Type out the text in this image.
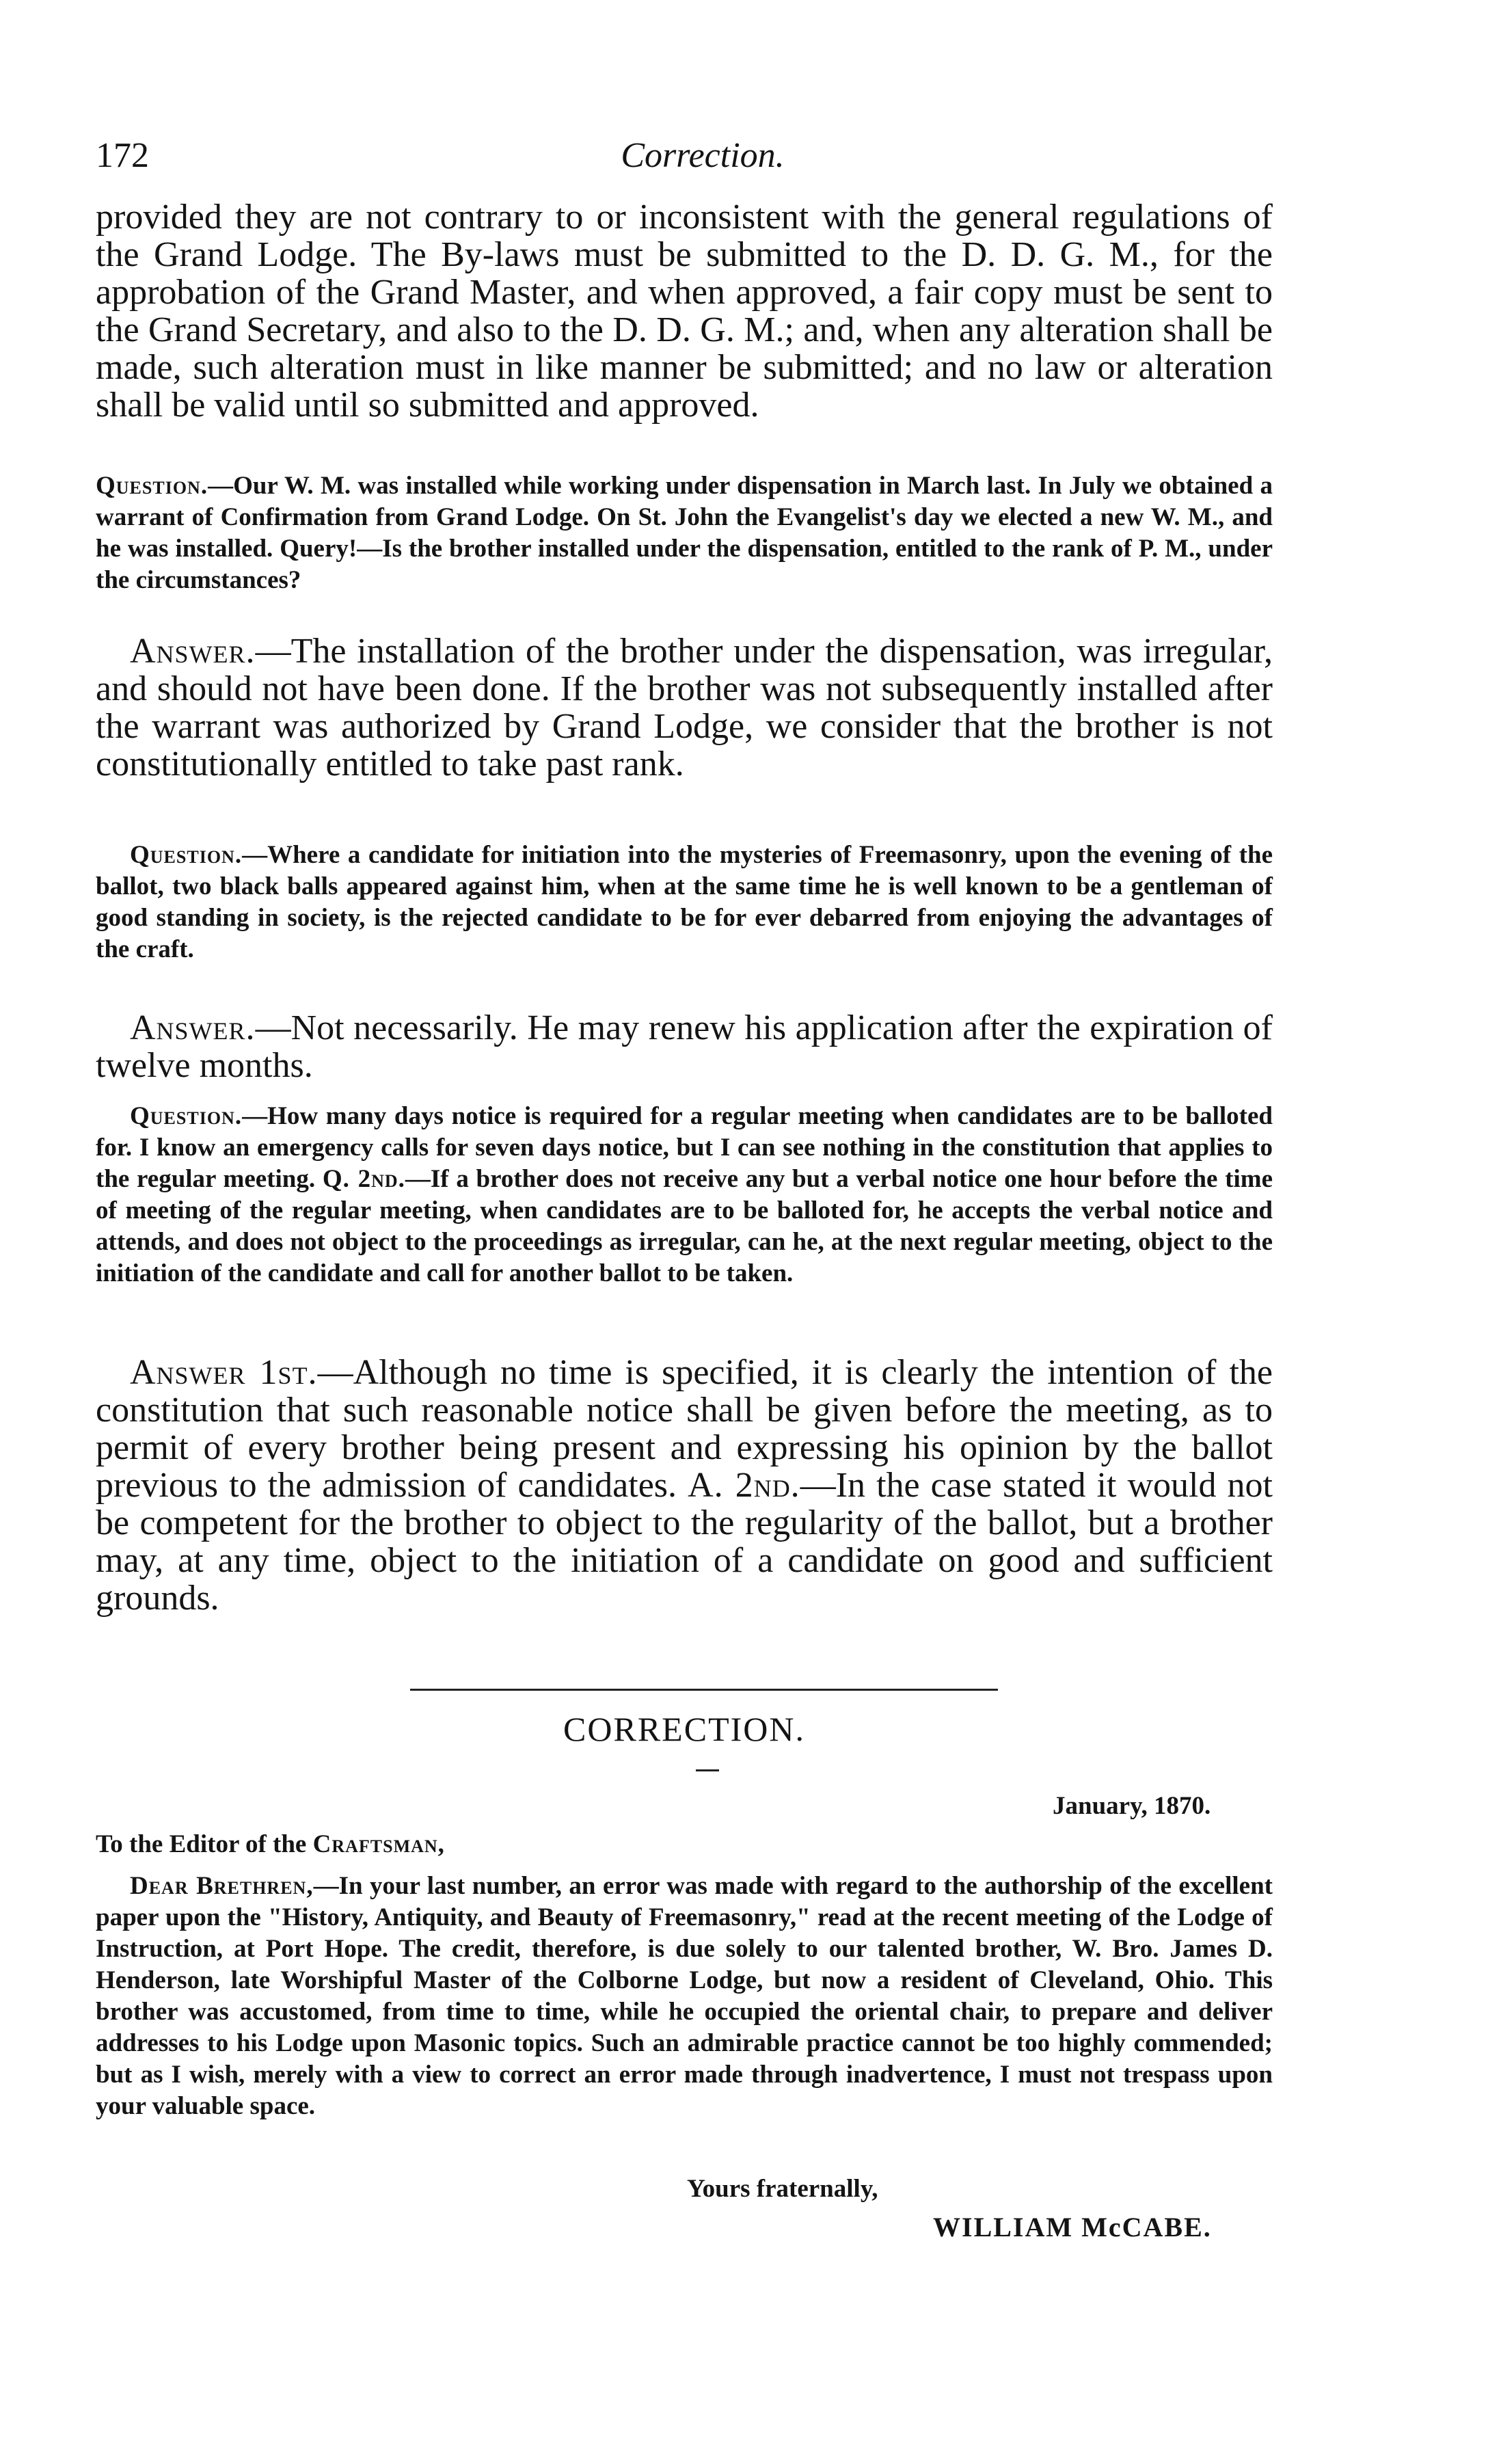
172	Correction.

provided they are not contrary to or inconsistent with the general regulations of the Grand Lodge. The By-laws must be submitted to the D. D. G. M., for the approbation of the Grand Master, and when approved, a fair copy must be sent to the Grand Secretary, and also to the D. D. G. M.; and, when any alteration shall be made, such alteration must in like manner be submitted; and no law or alteration shall be valid until so submitted and approved.

Question.—Our W. M. was installed while working under dispensation in March last. In July we obtained a warrant of Confirmation from Grand Lodge. On St. John the Evangelist's day we elected a new W. M., and he was installed. Query!—Is the brother installed under the dispensation, entitled to the rank of P. M., under the circumstances?

Answer.—The installation of the brother under the dispensation, was irregular, and should not have been done. If the brother was not subsequently installed after the warrant was authorized by Grand Lodge, we consider that the brother is not constitutionally entitled to take past rank.

Question.—Where a candidate for initiation into the mysteries of Freemasonry, upon the evening of the ballot, two black balls appeared against him, when at the same time he is well known to be a gentleman of good standing in society, is the rejected candidate to be for ever debarred from enjoying the advantages of the craft.

Answer.—Not necessarily. He may renew his application after the expiration of twelve months.

Question.—How many days notice is required for a regular meeting when candidates are to be balloted for. I know an emergency calls for seven days notice, but I can see nothing in the constitution that applies to the regular meeting. Q. 2nd.—If a brother does not receive any but a verbal notice one hour before the time of meeting of the regular meeting, when candidates are to be balloted for, he accepts the verbal notice and attends, and does not object to the proceedings as irregular, can he, at the next regular meeting, object to the initiation of the candidate and call for another ballot to be taken.

Answer 1st.—Although no time is specified, it is clearly the intention of the constitution that such reasonable notice shall be given before the meeting, as to permit of every brother being present and expressing his opinion by the ballot previous to the admission of candidates. A. 2nd.—In the case stated it would not be competent for the brother to object to the regularity of the ballot, but a brother may, at any time, object to the initiation of a candidate on good and sufficient grounds.

CORRECTION.
January, 1870.
To the Editor of the Craftsman,

Dear Brethren,—In your last number, an error was made with regard to the authorship of the excellent paper upon the "History, Antiquity, and Beauty of Freemasonry," read at the recent meeting of the Lodge of Instruction, at Port Hope. The credit, therefore, is due solely to our talented brother, W. Bro. James D. Henderson, late Worshipful Master of the Colborne Lodge, but now a resident of Cleveland, Ohio. This brother was accustomed, from time to time, while he occupied the oriental chair, to prepare and deliver addresses to his Lodge upon Masonic topics. Such an admirable practice cannot be too highly commended; but as I wish, merely with a view to correct an error made through inadvertence, I must not trespass upon your valuable space.

Yours fraternally,
WILLIAM McCABE.
